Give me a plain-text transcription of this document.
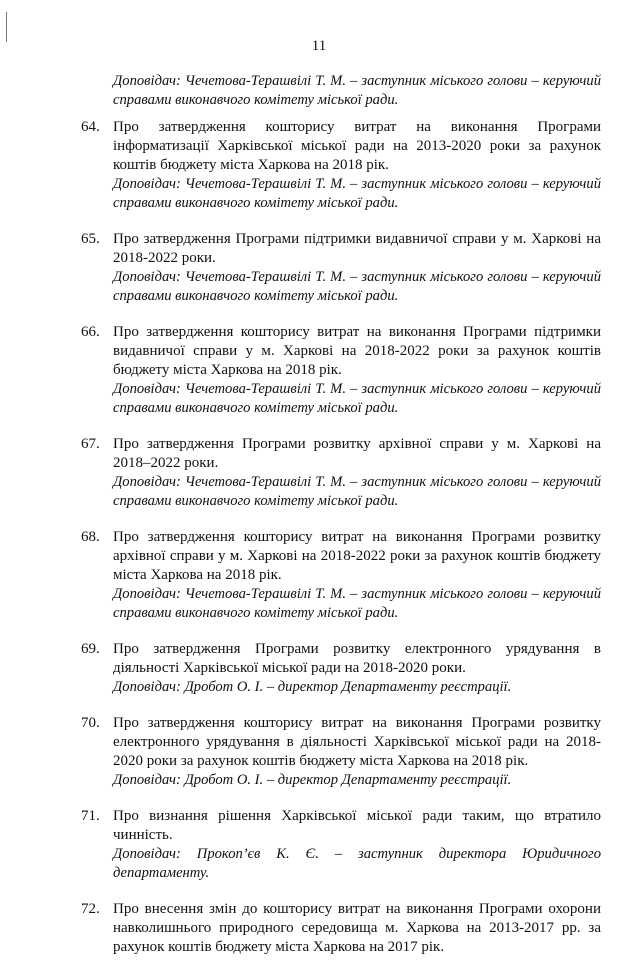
11
Доповідач: Чечетова-Терашвілі Т. М. – заступник міського голови – керуючий справами виконавчого комітету міської ради.
64. Про затвердження кошторису витрат на виконання Програми інформатизації Харківської міської ради на 2013-2020 роки за рахунок коштів бюджету міста Харкова на 2018 рік.
Доповідач: Чечетова-Терашвілі Т. М. – заступник міського голови – керуючий справами виконавчого комітету міської ради.
65. Про затвердження Програми підтримки видавничої справи у м. Харкові на 2018-2022 роки.
Доповідач: Чечетова-Терашвілі Т. М. – заступник міського голови – керуючий справами виконавчого комітету міської ради.
66. Про затвердження кошторису витрат на виконання Програми підтримки видавничої справи у м. Харкові на 2018-2022 роки за рахунок коштів бюджету міста Харкова на 2018 рік.
Доповідач: Чечетова-Терашвілі Т. М. – заступник міського голови – керуючий справами виконавчого комітету міської ради.
67. Про затвердження Програми розвитку архівної справи у м. Харкові на 2018–2022 роки.
Доповідач: Чечетова-Терашвілі Т. М. – заступник міського голови – керуючий справами виконавчого комітету міської ради.
68. Про затвердження кошторису витрат на виконання Програми розвитку архівної справи у м. Харкові на 2018-2022 роки за рахунок коштів бюджету міста Харкова на 2018 рік.
Доповідач: Чечетова-Терашвілі Т. М. – заступник міського голови – керуючий справами виконавчого комітету міської ради.
69. Про затвердження Програми розвитку електронного урядування в діяльності Харківської міської ради на 2018-2020 роки.
Доповідач: Дробот О. І. – директор Департаменту реєстрації.
70. Про затвердження кошторису витрат на виконання Програми розвитку електронного урядування в діяльності Харківської міської ради на 2018-2020 роки за рахунок коштів бюджету міста Харкова на 2018 рік.
Доповідач: Дробот О. І. – директор Департаменту реєстрації.
71. Про визнання рішення Харківської міської ради таким, що втратило чинність.
Доповідач: Прокоп’єв К. Є. – заступник директора Юридичного департаменту.
72. Про внесення змін до кошторису витрат на виконання Програми охорони навколишнього природного середовища м. Харкова на 2013-2017 рр. за рахунок коштів бюджету міста Харкова на 2017 рік.
